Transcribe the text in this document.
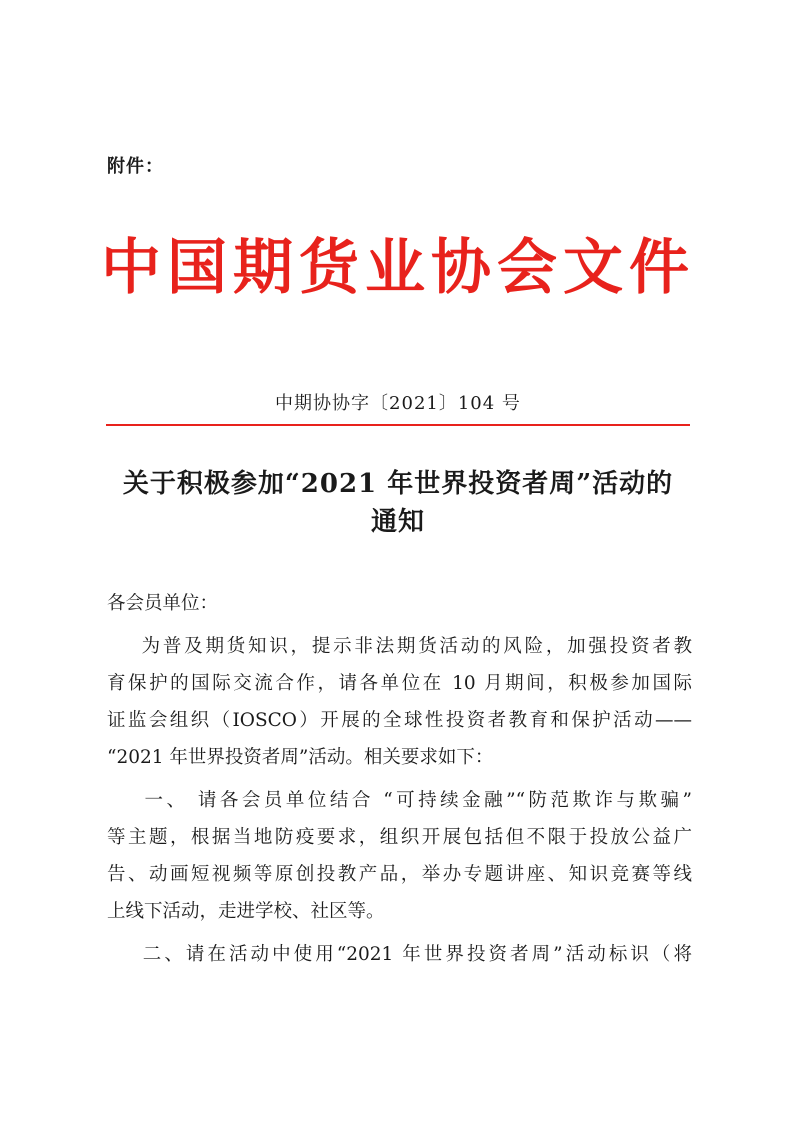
附件：
中国期货业协会文件
中期协协字〔2021〕104 号
关于积极参加“2021 年世界投资者周”活动的
通知
各会员单位：
为普及期货知识，提示非法期货活动的风险，加强投资者教
育保护的国际交流合作，请各单位在 10 月期间，积极参加国际
证监会组织（IOSCO）开展的全球性投资者教育和保护活动——
“2021 年世界投资者周”活动。相关要求如下：
一、 请各会员单位结合 “可持续金融”“防范欺诈与欺骗”
等主题，根据当地防疫要求，组织开展包括但不限于投放公益广
告、动画短视频等原创投教产品，举办专题讲座、知识竞赛等线
上线下活动，走进学校、社区等。
二、请在活动中使用“2021 年世界投资者周”活动标识（将
